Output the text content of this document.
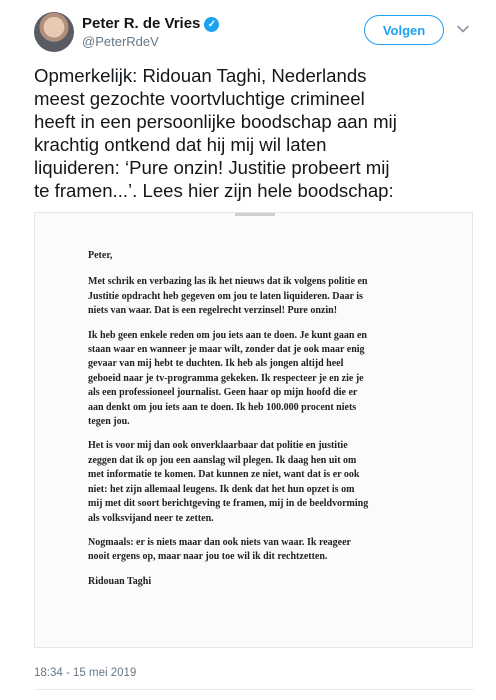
Peter R. de Vries ✓
@PeterRdeV
Volgen

Opmerkelijk: Ridouan Taghi, Nederlands
meest gezochte voortvluchtige crimineel
heeft in een persoonlijke boodschap aan mij
krachtig ontkend dat hij mij wil laten
liquideren: ‘Pure onzin! Justitie probeert mij
te framen...’. Lees hier zijn hele boodschap:

Peter,

Met schrik en verbazing las ik het nieuws dat ik volgens politie en
Justitie opdracht heb gegeven om jou te laten liquideren. Daar is
niets van waar. Dat is een regelrecht verzinsel! Pure onzin!

Ik heb geen enkele reden om jou iets aan te doen. Je kunt gaan en
staan waar en wanneer je maar wilt, zonder dat je ook maar enig
gevaar van mij hebt te duchten. Ik heb als jongen altijd heel
geboeid naar je tv-programma gekeken. Ik respecteer je en zie je
als een professioneel journalist. Geen haar op mijn hoofd die er
aan denkt om jou iets aan te doen. Ik heb 100.000 procent niets
tegen jou.

Het is voor mij dan ook onverklaarbaar dat politie en justitie
zeggen dat ik op jou een aanslag wil plegen. Ik daag hen uit om
met informatie te komen. Dat kunnen ze niet, want dat is er ook
niet: het zijn allemaal leugens. Ik denk dat het hun opzet is om
mij met dit soort berichtgeving te framen, mij in de beeldvorming
als volksvijand neer te zetten.

Nogmaals: er is niets maar dan ook niets van waar. Ik reageer
nooit ergens op, maar naar jou toe wil ik dit rechtzetten.

Ridouan Taghi

18:34 - 15 mei 2019
